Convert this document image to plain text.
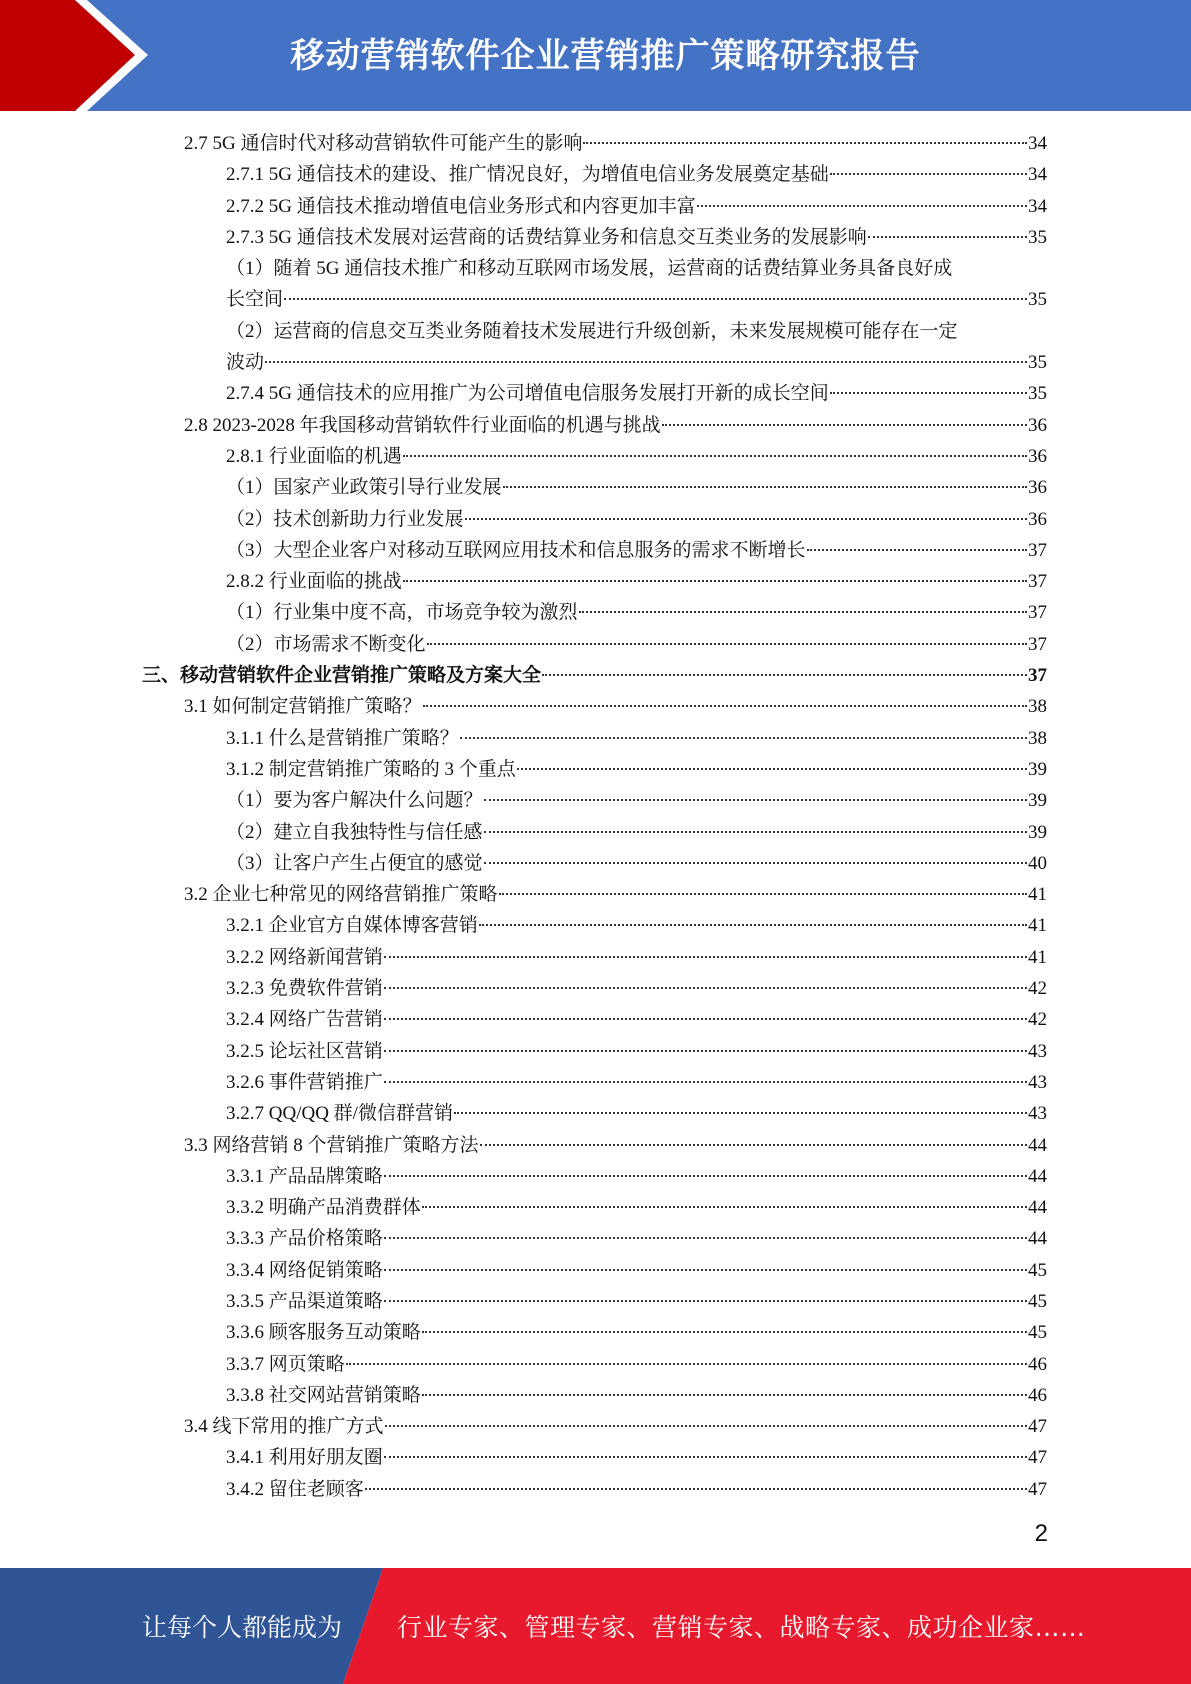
移动营销软件企业营销推广策略研究报告
2.7 5G 通信时代对移动营销软件可能产生的影响	34
2.7.1 5G 通信技术的建设、推广情况良好，为增值电信业务发展奠定基础	34
2.7.2 5G 通信技术推动增值电信业务形式和内容更加丰富	34
2.7.3 5G 通信技术发展对运营商的话费结算业务和信息交互类业务的发展影响	35
（1）随着 5G 通信技术推广和移动互联网市场发展，运营商的话费结算业务具备良好成
长空间	35
（2）运营商的信息交互类业务随着技术发展进行升级创新，未来发展规模可能存在一定
波动	35
2.7.4 5G 通信技术的应用推广为公司增值电信服务发展打开新的成长空间	35
2.8 2023-2028 年我国移动营销软件行业面临的机遇与挑战	36
2.8.1 行业面临的机遇	36
（1）国家产业政策引导行业发展	36
（2）技术创新助力行业发展	36
（3）大型企业客户对移动互联网应用技术和信息服务的需求不断增长	37
2.8.2 行业面临的挑战	37
（1）行业集中度不高，市场竞争较为激烈	37
（2）市场需求不断变化	37
三、移动营销软件企业营销推广策略及方案大全	37
3.1 如何制定营销推广策略？	38
3.1.1 什么是营销推广策略？	38
3.1.2 制定营销推广策略的 3 个重点	39
（1）要为客户解决什么问题？	39
（2）建立自我独特性与信任感	39
（3）让客户产生占便宜的感觉	40
3.2 企业七种常见的网络营销推广策略	41
3.2.1 企业官方自媒体博客营销	41
3.2.2 网络新闻营销	41
3.2.3 免费软件营销	42
3.2.4 网络广告营销	42
3.2.5 论坛社区营销	43
3.2.6 事件营销推广	43
3.2.7 QQ/QQ 群/微信群营销	43
3.3 网络营销 8 个营销推广策略方法	44
3.3.1 产品品牌策略	44
3.3.2 明确产品消费群体	44
3.3.3 产品价格策略	44
3.3.4 网络促销策略	45
3.3.5 产品渠道策略	45
3.3.6 顾客服务互动策略	45
3.3.7 网页策略	46
3.3.8 社交网站营销策略	46
3.4 线下常用的推广方式	47
3.4.1 利用好朋友圈	47
3.4.2 留住老顾客	47
2
让每个人都能成为 行业专家、管理专家、营销专家、战略专家、成功企业家……
